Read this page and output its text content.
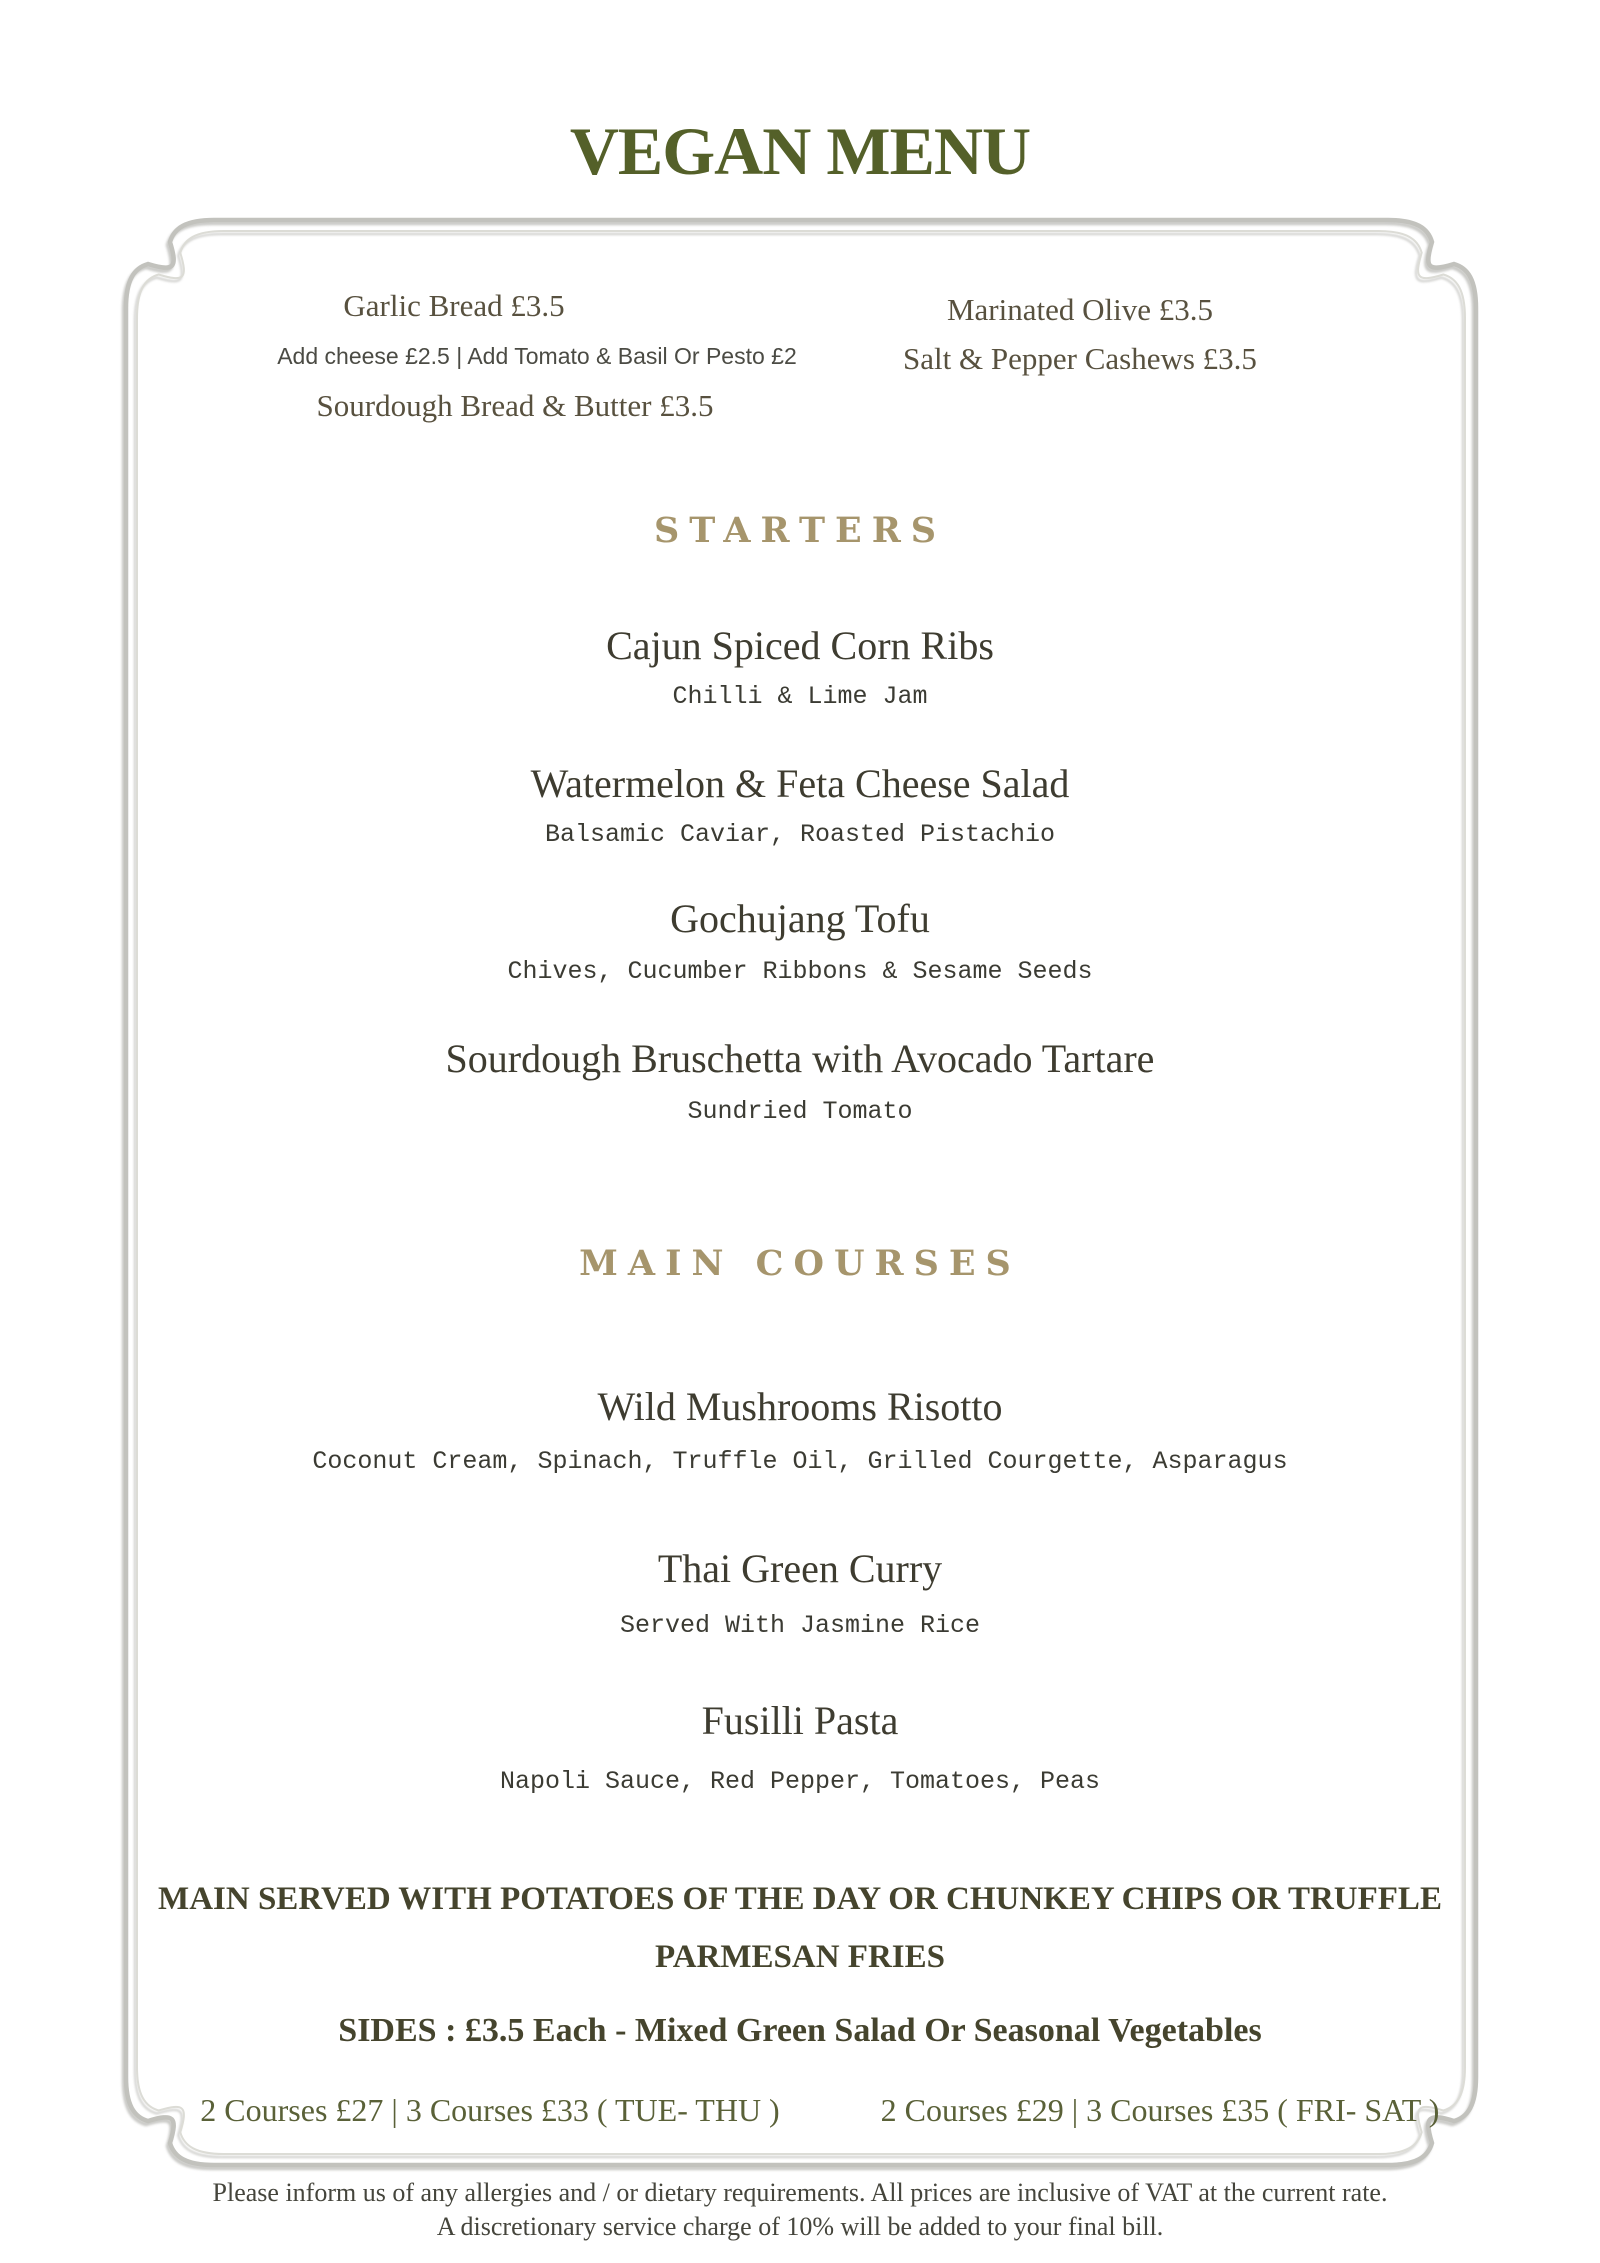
VEGAN MENU
Garlic Bread £3.5
Add cheese £2.5 | Add Tomato & Basil Or Pesto £2
Sourdough Bread & Butter £3.5
Marinated Olive £3.5
Salt & Pepper Cashews £3.5
STARTERS
Cajun Spiced Corn Ribs
Chilli & Lime Jam
Watermelon & Feta Cheese Salad
Balsamic Caviar, Roasted Pistachio
Gochujang Tofu
Chives, Cucumber Ribbons & Sesame Seeds
Sourdough Bruschetta with Avocado Tartare
Sundried Tomato
MAIN COURSES
Wild Mushrooms Risotto
Coconut Cream, Spinach, Truffle Oil, Grilled Courgette, Asparagus
Thai Green Curry
Served With Jasmine Rice
Fusilli Pasta
Napoli Sauce, Red Pepper, Tomatoes, Peas
MAIN SERVED WITH POTATOES OF THE DAY OR CHUNKEY CHIPS OR TRUFFLE PARMESAN FRIES
SIDES : £3.5 Each - Mixed Green Salad Or Seasonal Vegetables
2 Courses £27 | 3 Courses £33 ( TUE- THU )	2 Courses £29 | 3 Courses £35 ( FRI- SAT )
Please inform us of any allergies and / or dietary requirements. All prices are inclusive of VAT at the current rate.
A discretionary service charge of 10% will be added to your final bill.
